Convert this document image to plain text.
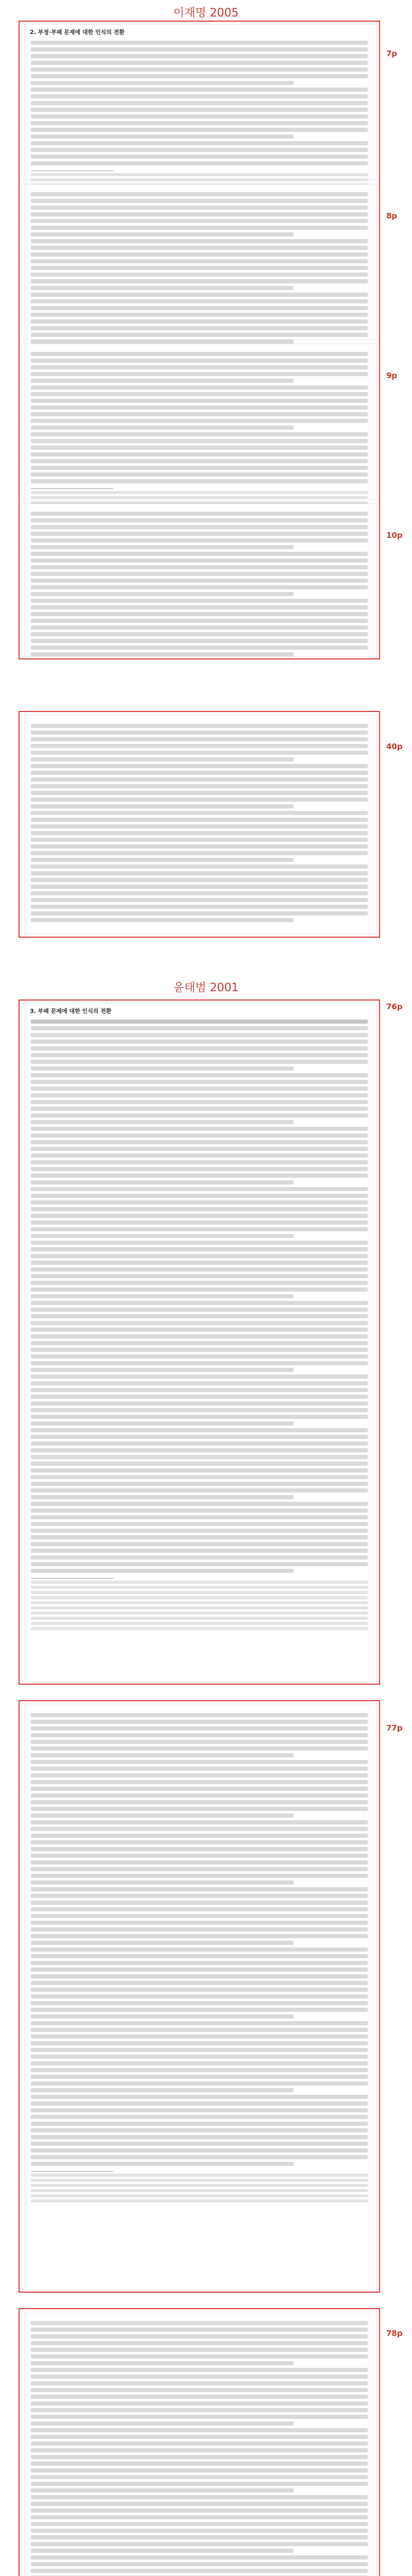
이재명 2005
2. 부정·부패 문제에 대한 인식의 전환
7p
8p
9p
10p
40p
윤태범 2001
3. 부패 문제에 대한 인식의 전환	76p
77p
78p
